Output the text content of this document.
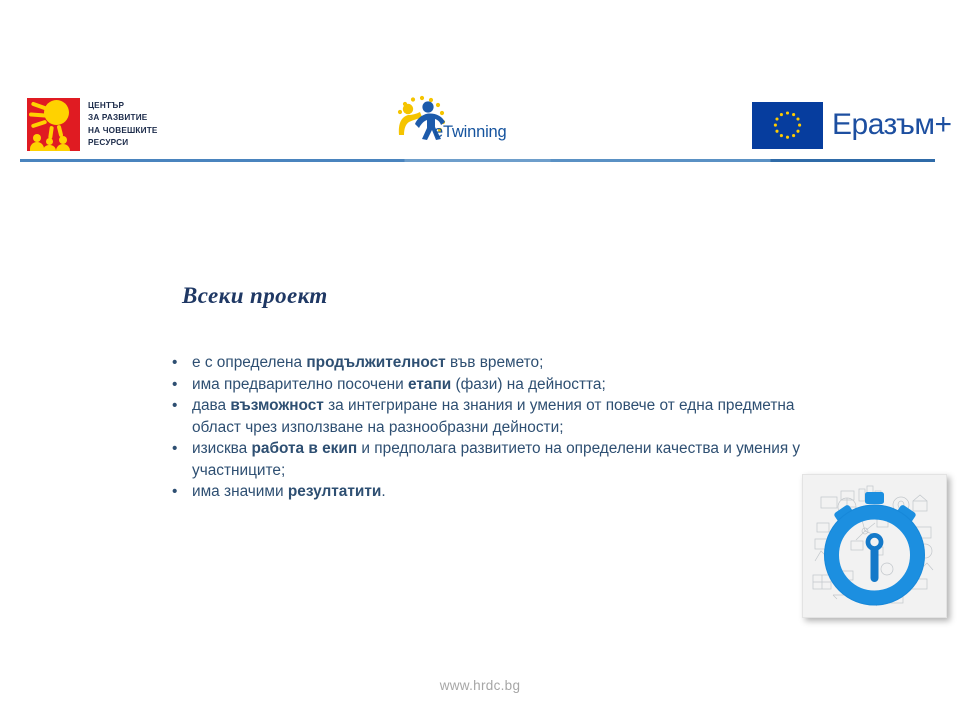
ЦЕНТЪР
ЗА РАЗВИТИЕ
НА ЧОВЕШКИТЕ
РЕСУРСИ
eTwinning	Еразъм+
Всеки проект
• е с определена продължителност във времето;
• има предварително посочени етапи (фази) на дейността;
• дава възможност за интегриране на знания и умения от повече от една предметна област чрез използване на разнообразни дейности;
• изисква работа в екип и предполага развитието на определени качества и умения у участниците;
• има значими резултатити.
www.hrdc.bg
